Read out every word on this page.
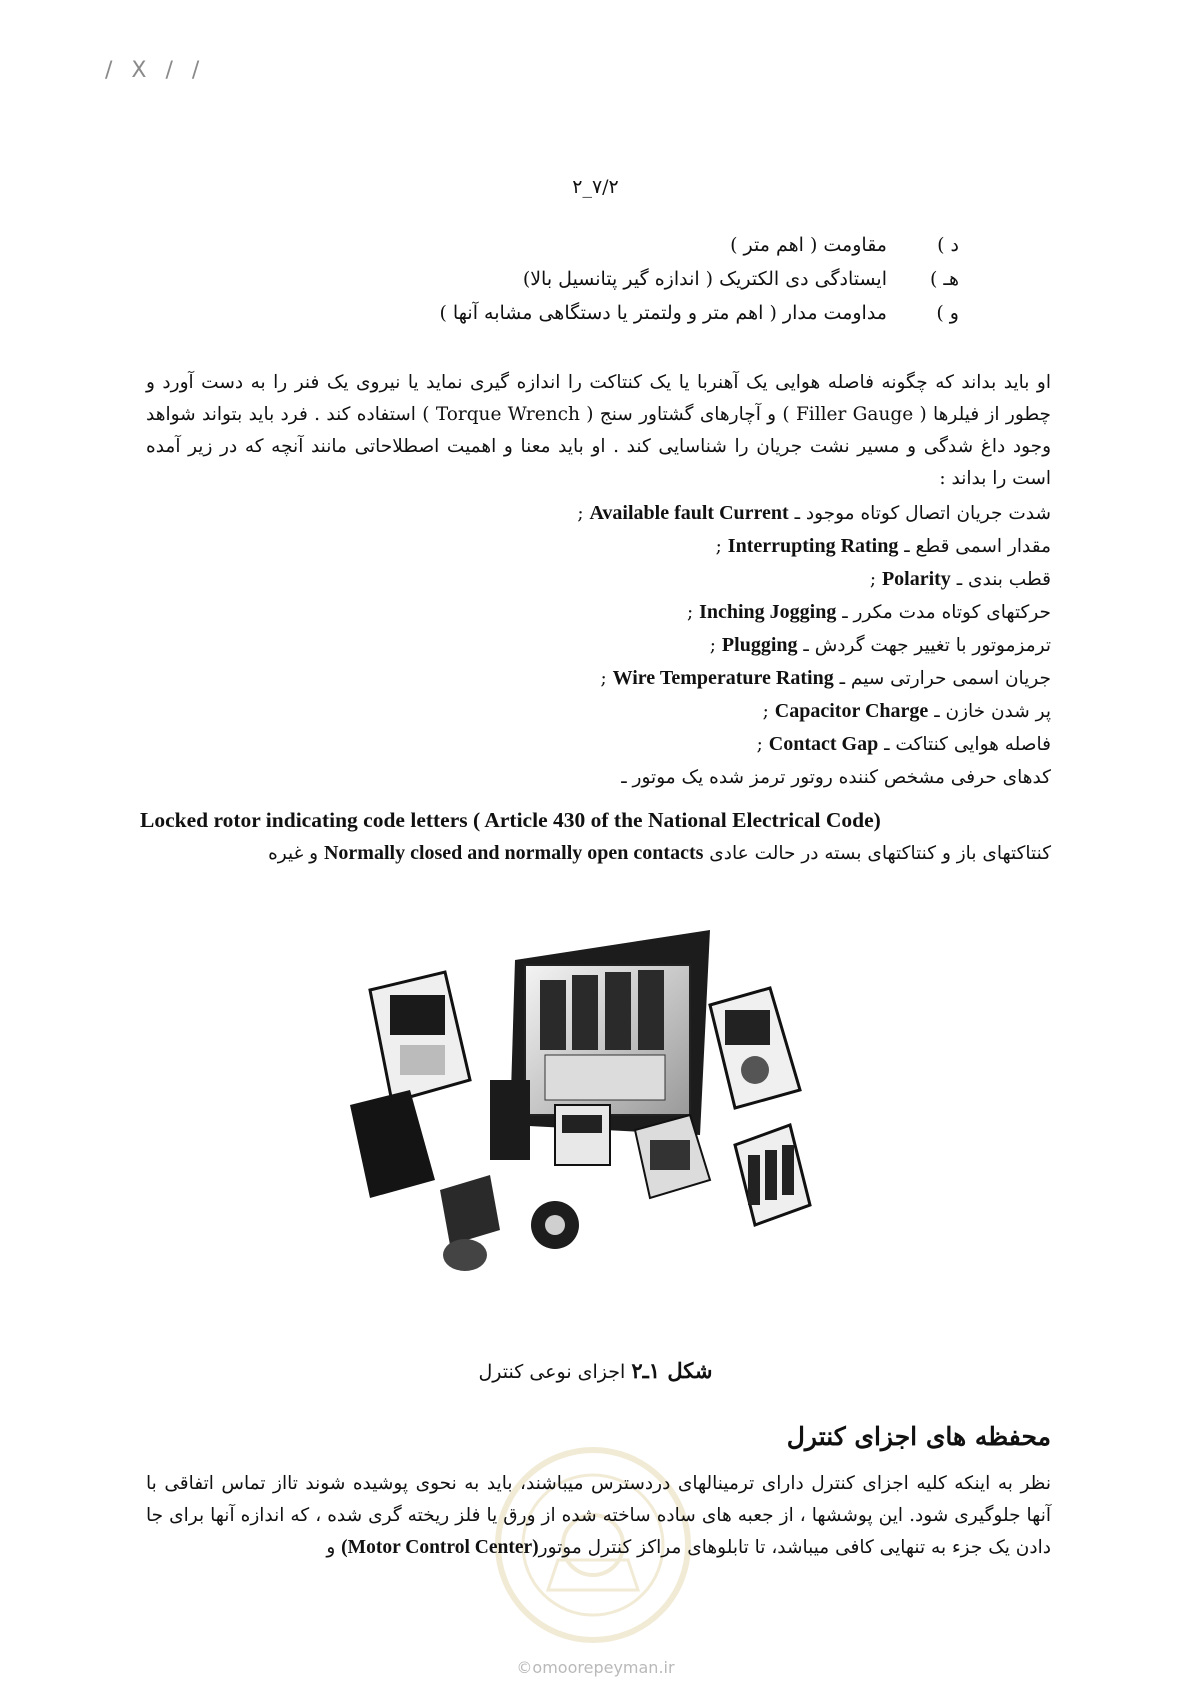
/ X / /
۷/۲_۲
د )
مقاومت ( اهم متر )
هـ )
ایستادگی دی الکتریک ( اندازه گیر پتانسیل بالا)
و )
مداومت مدار ( اهم متر و ولتمتر یا دستگاهی مشابه آنها )
او باید بداند که چگونه فاصله هوایی یک آهنربا یا یک کنتاکت را اندازه گیری نماید یا نیروی یک فنر را به دست آورد و چطور از فیلرها ( Filler Gauge ) و آچارهای گشتاور سنج ( Torque Wrench ) استفاده کند . فرد باید بتواند شواهد وجود داغ شدگی و مسیر نشت جریان را شناسایی کند . او باید معنا و اهمیت اصطلاحاتی مانند آنچه که در زیر آمده است را بداند :
شدت جریان اتصال کوتاه موجود ـ Available fault Current ;
مقدار اسمی قطع ـ Interrupting Rating ;
قطب بندی ـ Polarity ;
حرکتهای کوتاه مدت مکرر ـ Inching Jogging ;
ترمزموتور با تغییر جهت گردش ـ Plugging ;
جریان اسمی حرارتی سیم ـ Wire Temperature Rating ;
پر شدن خازن ـ Capacitor Charge ;
فاصله هوایی کنتاکت ـ Contact Gap ;
کدهای حرفی مشخص کننده روتور ترمز شده یک موتور ـ
Locked rotor indicating code letters ( Article 430 of the National Electrical Code)
کنتاکتهای باز و کنتاکتهای بسته در حالت عادی Normally closed and normally open contacts و غیره
شکل ۱ـ۲ اجزای نوعی کنترل
محفظه های اجزای کنترل
نظر به اینکه کلیه اجزای کنترل دارای ترمینالهای دردسترس میباشند، باید به نحوی پوشیده شوند تااز تماس اتفاقی با آنها جلوگیری شود. این پوششها ، از جعبه های ساده ساخته شده از ورق یا فلز ریخته گری شده ، که اندازه آنها برای جا دادن یک جزء به تنهایی کافی میباشد، تا تابلوهای مراکز کنترل موتور(Motor Control Center) و
©omoorepeyman.ir
